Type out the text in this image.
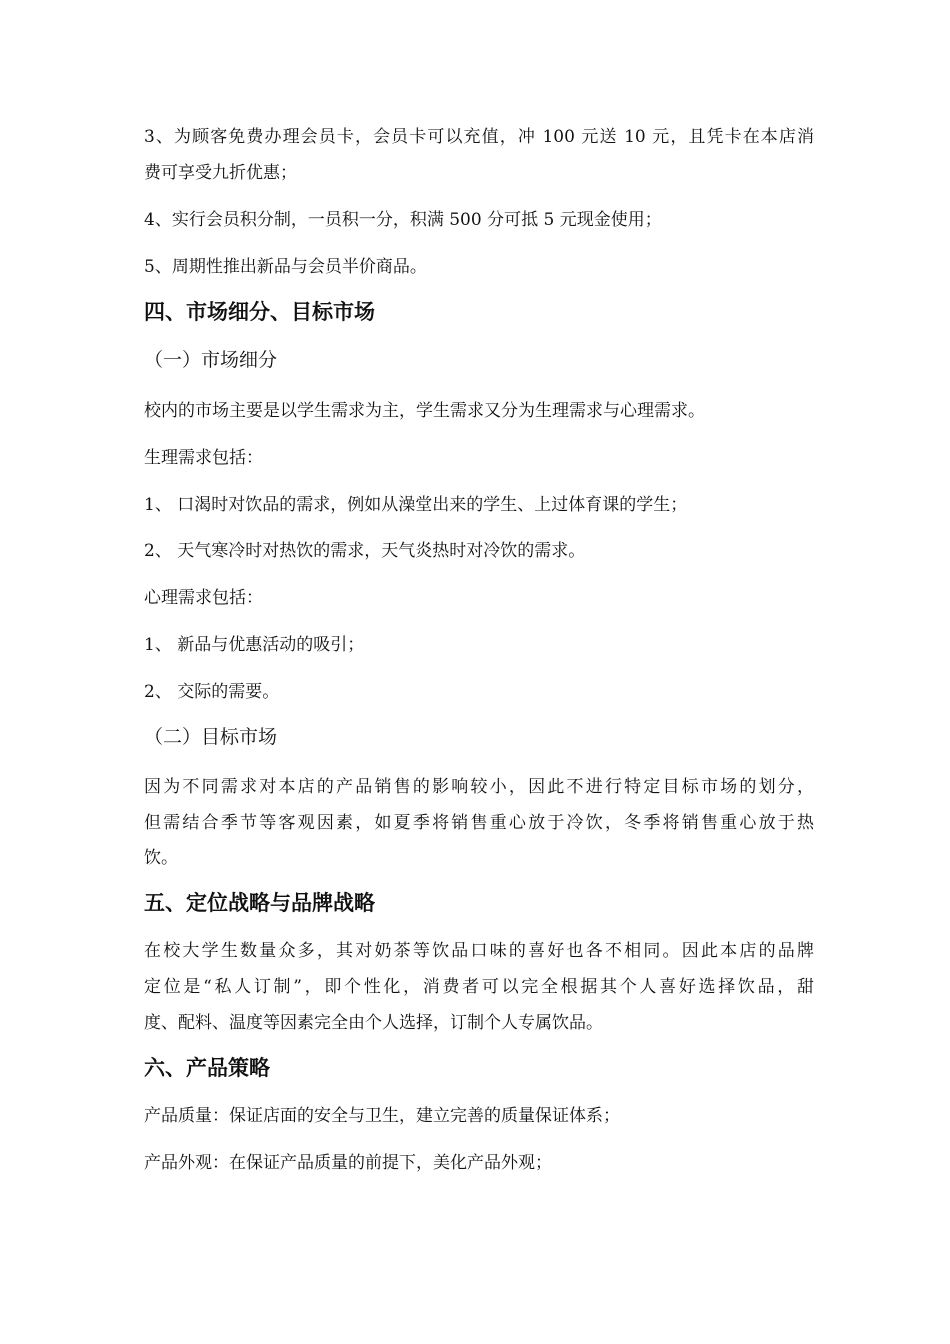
3、为顾客免费办理会员卡，会员卡可以充值，冲 100 元送 10 元，且凭卡在本店消
费可享受九折优惠；
4、实行会员积分制，一员积一分，积满 500 分可抵 5 元现金使用；
5、周期性推出新品与会员半价商品。
四、市场细分、目标市场
（一）市场细分
校内的市场主要是以学生需求为主，学生需求又分为生理需求与心理需求。
生理需求包括：
1、 口渴时对饮品的需求，例如从澡堂出来的学生、上过体育课的学生；
2、 天气寒冷时对热饮的需求，天气炎热时对冷饮的需求。
心理需求包括：
1、 新品与优惠活动的吸引；
2、 交际的需要。
（二）目标市场
因为不同需求对本店的产品销售的影响较小，因此不进行特定目标市场的划分，
但需结合季节等客观因素，如夏季将销售重心放于冷饮，冬季将销售重心放于热
饮。
五、定位战略与品牌战略
在校大学生数量众多，其对奶茶等饮品口味的喜好也各不相同。因此本店的品牌
定位是“私人订制”，即个性化，消费者可以完全根据其个人喜好选择饮品，甜
度、配料、温度等因素完全由个人选择，订制个人专属饮品。
六、产品策略
产品质量：保证店面的安全与卫生，建立完善的质量保证体系；
产品外观：在保证产品质量的前提下，美化产品外观；
